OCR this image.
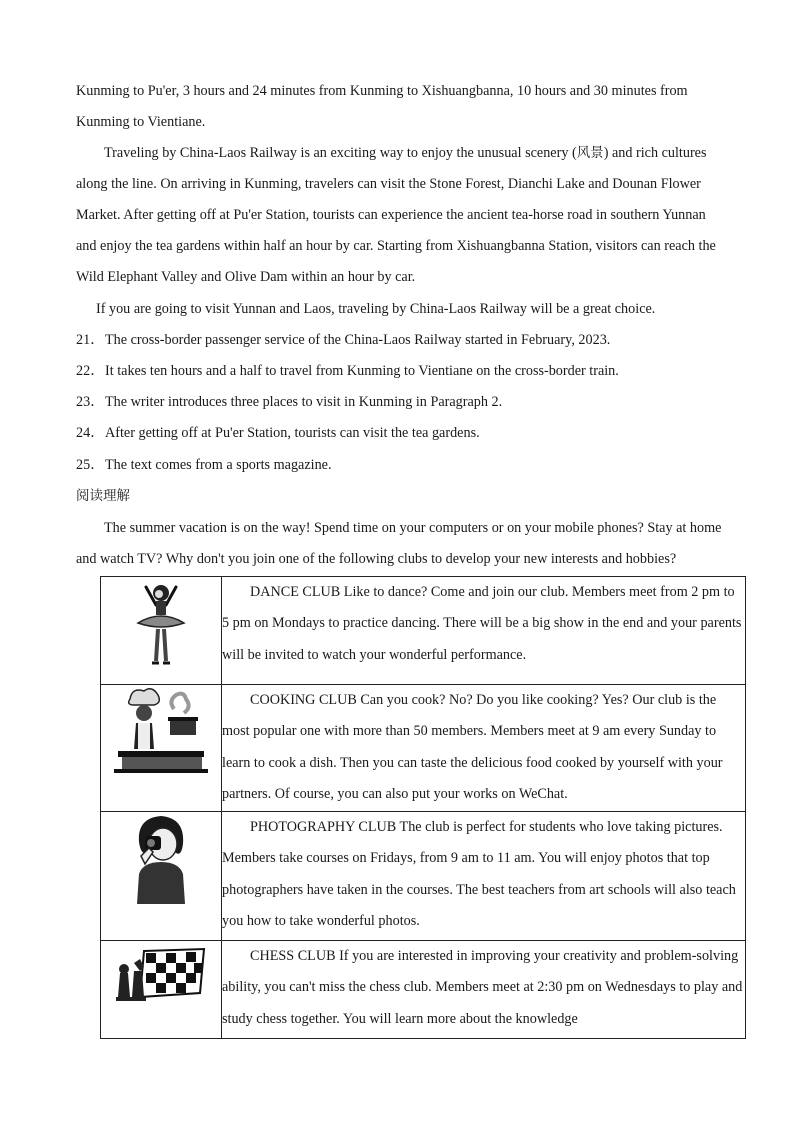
Kunming to Pu'er, 3 hours and 24 minutes from Kunming to Xishuangbanna, 10 hours and 30 minutes from
Kunming to Vientiane.
Traveling by China-Laos Railway is an exciting way to enjoy the unusual scenery (风景) and rich cultures
along the line. On arriving in Kunming, travelers can visit the Stone Forest, Dianchi Lake and Dounan Flower
Market. After getting off at Pu'er Station, tourists can experience the ancient tea-horse road in southern Yunnan
and enjoy the tea gardens within half an hour by car. Starting from Xishuangbanna Station, visitors can reach the
Wild Elephant Valley and Olive Dam within an hour by car.
If you are going to visit Yunnan and Laos, traveling by China-Laos Railway will be a great choice.
21．The cross-border passenger service of the China-Laos Railway started in February, 2023.
22．It takes ten hours and a half to travel from Kunming to Vientiane on the cross-border train.
23．The writer introduces three places to visit in Kunming in Paragraph 2.
24．After getting off at Pu'er Station, tourists can visit the tea gardens.
25．The text comes from a sports magazine.
阅读理解
The summer vacation is on the way! Spend time on your computers or on your mobile phones? Stay at home
and watch TV? Why don't you join one of the following clubs to develop your new interests and hobbies?

DANCE CLUB Like to dance? Come and join our club. Members meet from 2 pm to 5 pm on Mondays to practice dancing. There will be a big show in the end and your parents will be invited to watch your wonderful performance.

COOKING CLUB Can you cook? No? Do you like cooking? Yes? Our club is the most popular one with more than 50 members. Members meet at 9 am every Sunday to learn to cook a dish. Then you can taste the delicious food cooked by yourself with your partners. Of course, you can also put your works on WeChat.

PHOTOGRAPHY CLUB The club is perfect for students who love taking pictures. Members take courses on Fridays, from 9 am to 11 am. You will enjoy photos that top photographers have taken in the courses. The best teachers from art schools will also teach you how to take wonderful photos.

CHESS CLUB If you are interested in improving your creativity and problem-solving ability, you can't miss the chess club. Members meet at 2:30 pm on Wednesdays to play and study chess together. You will learn more about the knowledge
